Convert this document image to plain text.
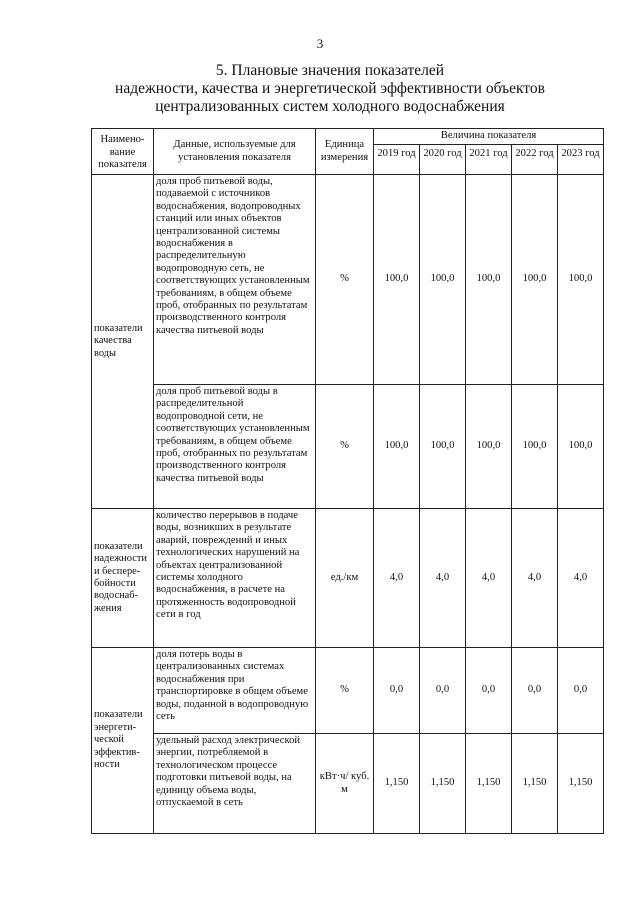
3
5. Плановые значения показателей
надежности, качества и энергетической эффективности объектов
централизованных систем холодного водоснабжения
Наимено- вание показателя	Данные, используемые для установления показателя	Единица измерения	Величина показателя				
			2019 год	2020 год	2021 год	2022 год	2023 год
показатели качества воды	доля проб питьевой воды, подаваемой с источников водоснабжения, водопроводных станций или иных объектов централизованной системы водоснабжения в распределительную водопроводную сеть, не соответствующих установленным требованиям, в общем объеме проб, отобранных по результатам производственного контроля качества питьевой воды	%	100,0	100,0	100,0	100,0	100,0
	доля проб питьевой воды в распределительной водопроводной сети, не соответствующих установленным требованиям, в общем объеме проб, отобранных по результатам производственного контроля качества питьевой воды	%	100,0	100,0	100,0	100,0	100,0
показатели надежности и беспере- бойности водоснаб- жения	количество перерывов в подаче воды, возникших в результате аварий, повреждений и иных технологических нарушений на объектах централизованной системы холодного водоснабжения, в расчете на протяженность водопроводной сети в год	ед./км	4,0	4,0	4,0	4,0	4,0
показатели энергети- ческой эффектив- ности	доля потерь воды в централизованных системах водоснабжения при транспортировке в общем объеме воды, поданной в водопроводную сеть	%	0,0	0,0	0,0	0,0	0,0
	удельный расход электрической энергии, потребляемой в технологическом процессе подготовки питьевой воды, на единицу объема воды, отпускаемой в сеть	кВт·ч/ куб. м	1,150	1,150	1,150	1,150	1,150
